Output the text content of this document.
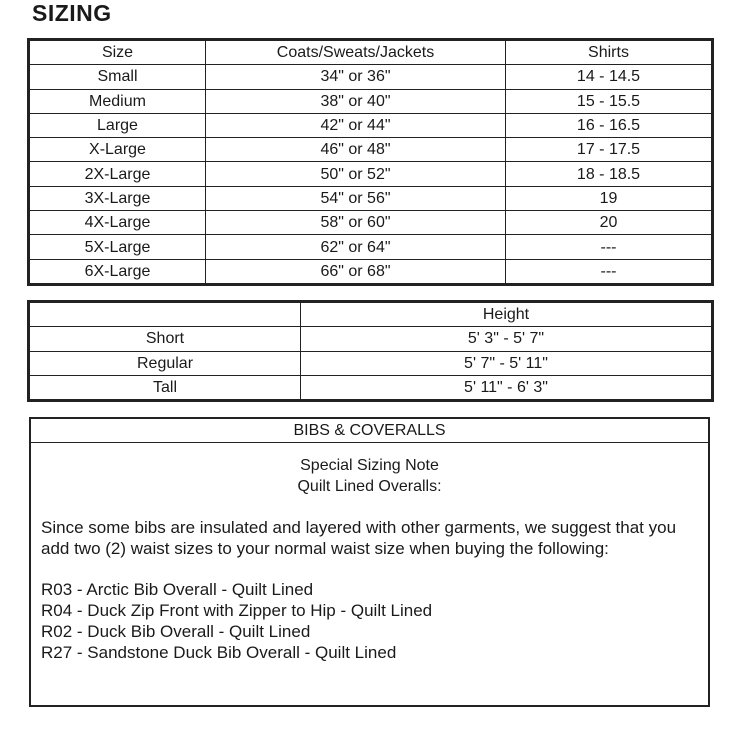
SIZING
Size	Coats/Sweats/Jackets	Shirts
Small	34" or 36"	14 - 14.5
Medium	38" or 40"	15 - 15.5
Large	42" or 44"	16 - 16.5
X-Large	46" or 48"	17 - 17.5
2X-Large	50" or 52"	18 - 18.5
3X-Large	54" or 56"	19
4X-Large	58" or 60"	20
5X-Large	62" or 64"	---
6X-Large	66" or 68"	---
	Height
Short	5' 3" - 5' 7"
Regular	5' 7" - 5' 11"
Tall	5' 11" - 6' 3"
BIBS & COVERALLS
Special Sizing Note
Quilt Lined Overalls:
Since some bibs are insulated and layered with other garments, we suggest that you add two (2) waist sizes to your normal waist size when buying the following:
R03 - Arctic Bib Overall - Quilt Lined
R04 - Duck Zip Front with Zipper to Hip - Quilt Lined
R02 - Duck Bib Overall - Quilt Lined
R27 - Sandstone Duck Bib Overall - Quilt Lined
